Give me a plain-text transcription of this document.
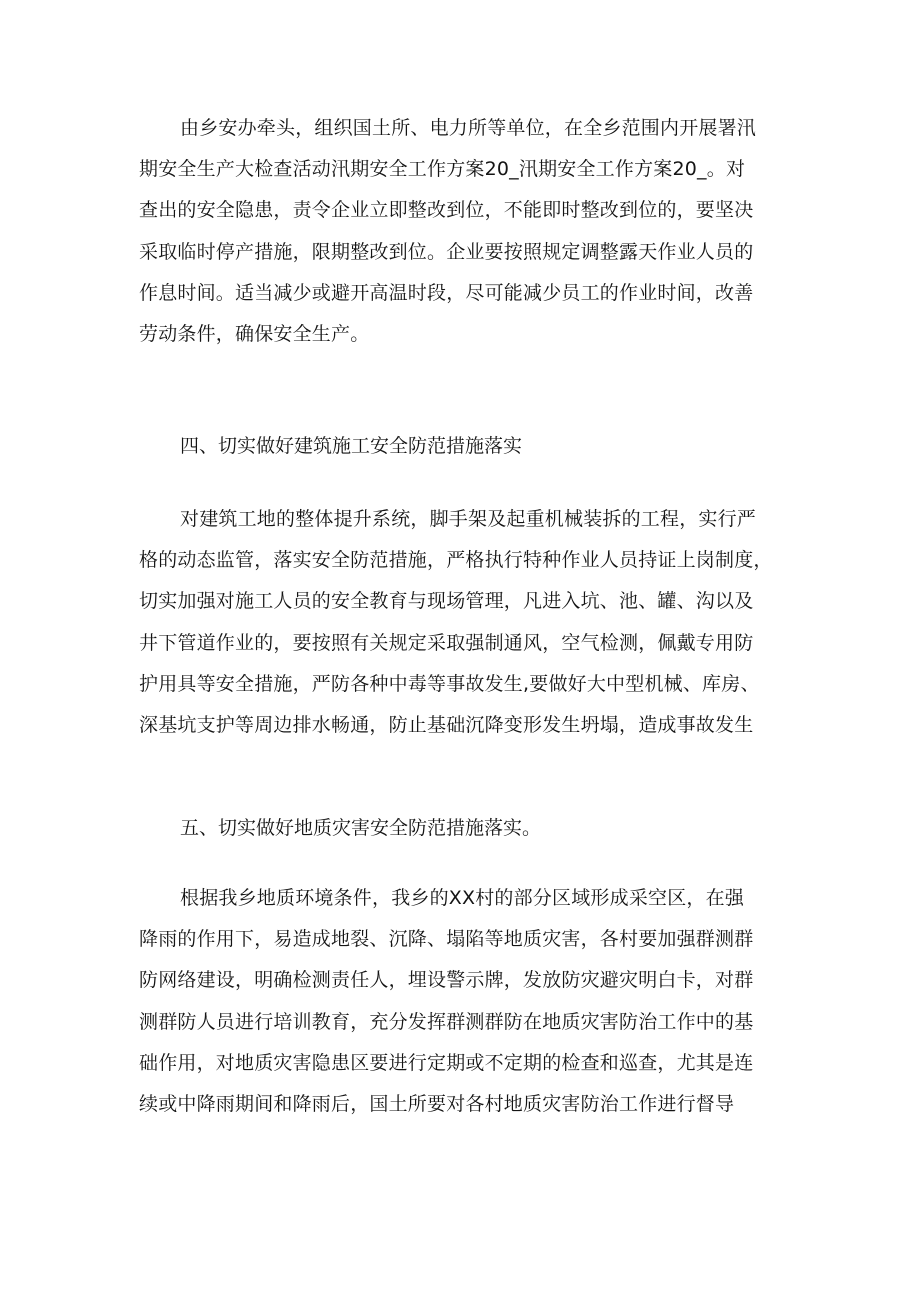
由乡安办牵头，组织国土所、电力所等单位，在全乡范围内开展署汛
期安全生产大检查活动汛期安全工作方案20_汛期安全工作方案20_。对
查出的安全隐患，责令企业立即整改到位，不能即时整改到位的，要坚决
采取临时停产措施，限期整改到位。企业要按照规定调整露天作业人员的
作息时间。适当减少或避开高温时段，尽可能减少员工的作业时间，改善
劳动条件，确保安全生产。
四、切实做好建筑施工安全防范措施落实
对建筑工地的整体提升系统，脚手架及起重机械装拆的工程，实行严
格的动态监管，落实安全防范措施，严格执行特种作业人员持证上岗制度，
切实加强对施工人员的安全教育与现场管理，凡进入坑、池、罐、沟以及
井下管道作业的，要按照有关规定采取强制通风，空气检测，佩戴专用防
护用具等安全措施，严防各种中毒等事故发生,要做好大中型机械、库房、
深基坑支护等周边排水畅通，防止基础沉降变形发生坍塌，造成事故发生
五、切实做好地质灾害安全防范措施落实。
根据我乡地质环境条件，我乡的XX村的部分区域形成采空区，在强
降雨的作用下，易造成地裂、沉降、塌陷等地质灾害，各村要加强群测群
防网络建设，明确检测责任人，埋设警示牌，发放防灾避灾明白卡，对群
测群防人员进行培训教育，充分发挥群测群防在地质灾害防治工作中的基
础作用，对地质灾害隐患区要进行定期或不定期的检查和巡查，尤其是连
续或中降雨期间和降雨后，国土所要对各村地质灾害防治工作进行督导
